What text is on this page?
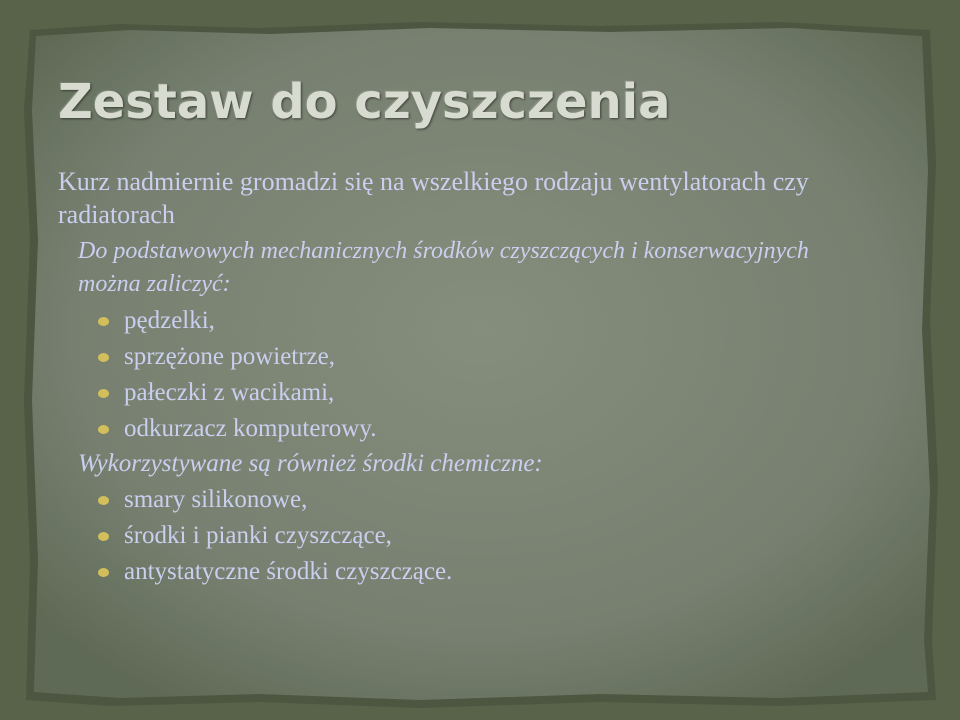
Zestaw do czyszczenia

Kurz nadmiernie gromadzi się na wszelkiego rodzaju wentylatorach czy radiatorach

Do podstawowych mechanicznych środków czyszczących i konserwacyjnych można zaliczyć:

pędzelki,
sprzężone powietrze,
pałeczki z wacikami,
odkurzacz komputerowy.

Wykorzystywane są również środki chemiczne:

smary silikonowe,
środki i pianki czyszczące,
antystatyczne środki czyszczące.
